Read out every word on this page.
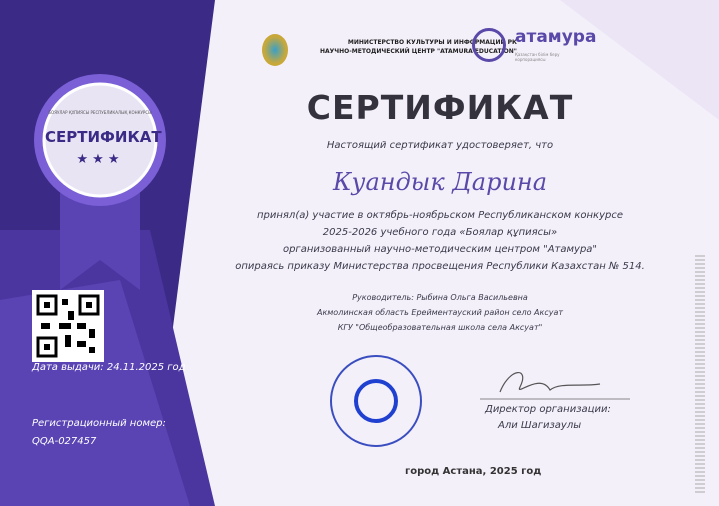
БОЯУЛАР ҚҰПИЯСЫ РЕСПУБЛИКАЛЫҚ КОНКУРСЫ
СЕРТИФИКАТ
★★★
Дата выдачи: 24.11.2025 год
Регистрационный номер:
QQA-027457
МИНИСТЕРСТВО КУЛЬТУРЫ И ИНФОРМАЦИИ РК
НАУЧНО-МЕТОДИЧЕСКИЙ ЦЕНТР "ATAMURA EDUCATION"
атамура
Қазақстан білім беру корпорациясы
СЕРТИФИКАТ
Настоящий сертификат удостоверяет, что
Куандык Дарина
принял(а) участие в октябрь-ноябрьском Республиканском конкурсе
2025-2026 учебного года «Боялар құпиясы»
организованный научно-методическим центром "Атамура"
опираясь приказу Министерства просвещения Республики Казахстан № 514.
Руководитель: Рыбина Ольга Васильевна
Акмолинская область Ерейментауский район село Аксуат
КГУ "Общеобразовательная школа села Аксуат"
Директор организации:
Али Шагизаулы
город Астана, 2025 год
